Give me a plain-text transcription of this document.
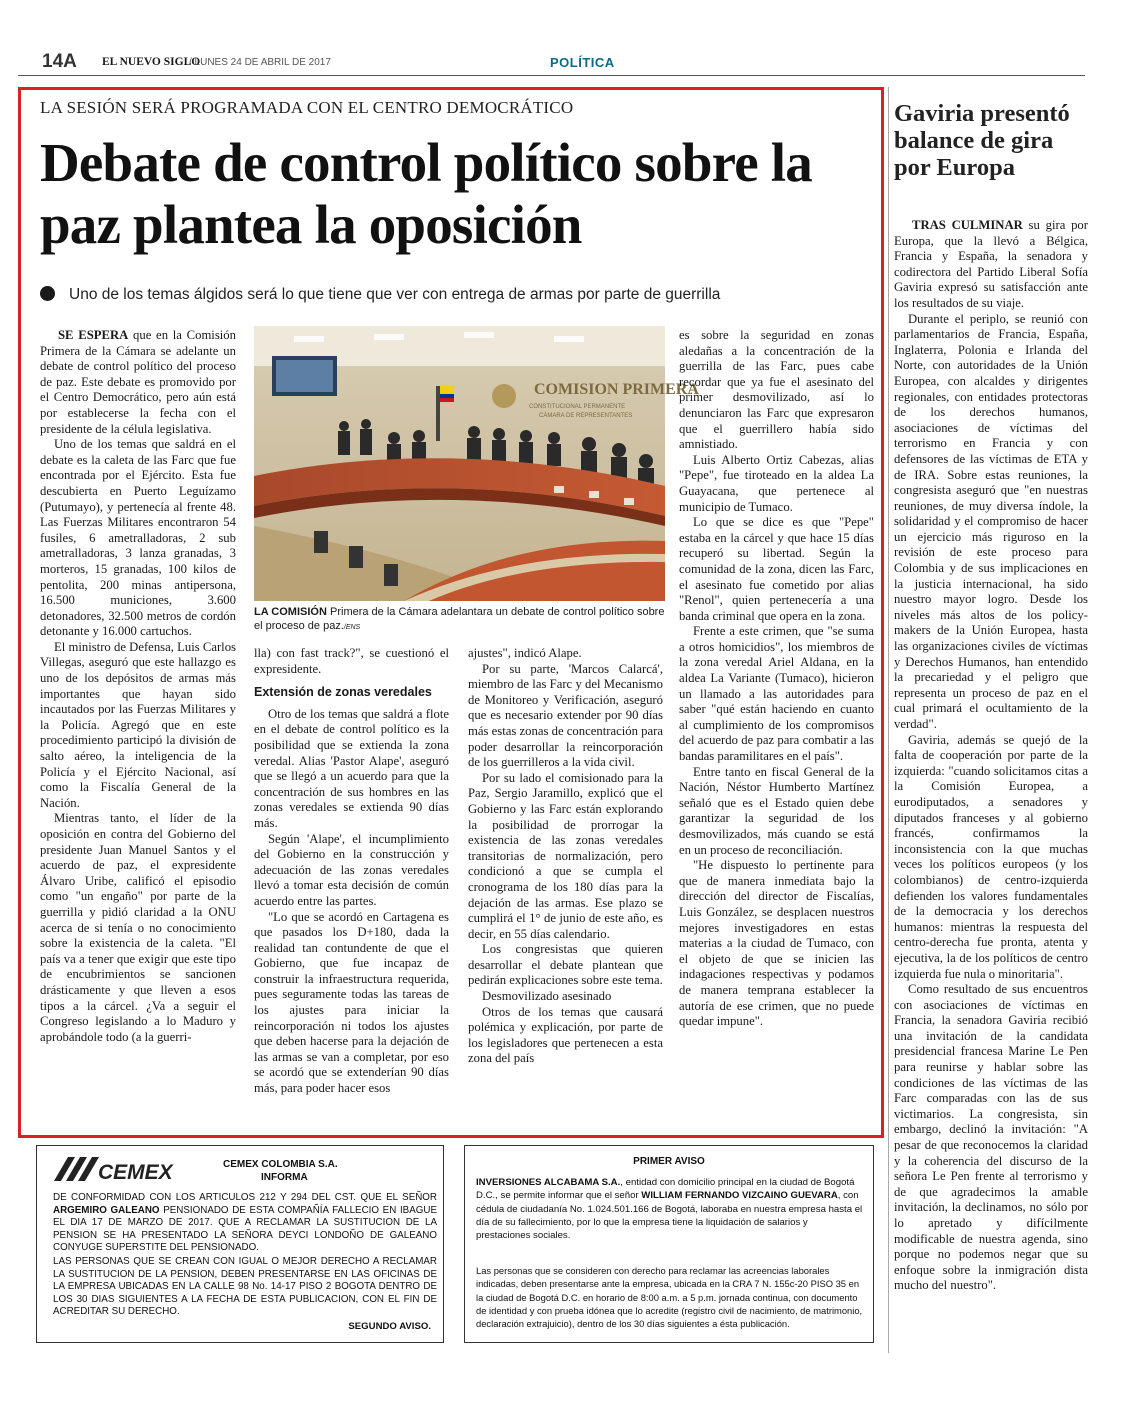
14A EL NUEVO SIGLO
/ LUNES 24 DE ABRIL DE 2017	POLÍTICA
LA SESIÓN SERÁ PROGRAMADA CON EL CENTRO DEMOCRÁTICO
Debate de control político sobre la paz plantea la oposición
Uno de los temas álgidos será lo que tiene que ver con entrega de armas por parte de guerrilla

SE ESPERA que en la Comisión Primera de la Cámara se adelante un debate de control político del proceso de paz. Este debate es promovido por el Centro Democrático, pero aún está por establecerse la fecha con el presidente de la célula legislativa.

Uno de los temas que saldrá en el debate es la caleta de las Farc que fue encontrada por el Ejército. Esta fue descubierta en Puerto Leguízamo (Putumayo), y pertenecía al frente 48. Las Fuerzas Militares encontraron 54 fusiles, 6 ametralladoras, 2 sub ametralladoras, 3 lanza granadas, 3 morteros, 15 granadas, 100 kilos de pentolita, 200 minas antipersona, 16.500 municiones, 3.600 detonadores, 32.500 metros de cordón detonante y 16.000 cartuchos.

El ministro de Defensa, Luis Carlos Villegas, aseguró que este hallazgo es uno de los depósitos de armas más importantes que hayan sido incautados por las Fuerzas Militares y la Policía. Agregó que en este procedimiento participó la división de salto aéreo, la inteligencia de la Policía y el Ejército Nacional, así como la Fiscalía General de la Nación.

Mientras tanto, el líder de la oposición en contra del Gobierno del presidente Juan Manuel Santos y el acuerdo de paz, el expresidente Álvaro Uribe, calificó el episodio como "un engaño" por parte de la guerrilla y pidió claridad a la ONU acerca de si tenía o no conocimiento sobre la existencia de la caleta. "El país va a tener que exigir que este tipo de encubrimientos se sancionen drásticamente y que lleven a esos tipos a la cárcel. ¿Va a seguir el Congreso legislando a lo Maduro y aprobándole todo (a la guerri-

COMISION PRIMERA
CONSTITUCIONAL PERMANENTE
CÁMARA DE REPRESENTANTES
LA COMISIÓN Primera de la Cámara adelantara un debate de control político sobre el proceso de paz./ENS

lla) con fast track?", se cuestionó el expresidente.

Extensión de zonas veredales

Otro de los temas que saldrá a flote en el debate de control político es la posibilidad que se extienda la zona veredal. Alias 'Pastor Alape', aseguró que se llegó a un acuerdo para que la concentración de sus hombres en las zonas veredales se extienda 90 días más.

Según 'Alape', el incumplimiento del Gobierno en la construcción y adecuación de las zonas veredales llevó a tomar esta decisión de común acuerdo entre las partes.

"Lo que se acordó en Cartagena es que pasados los D+180, dada la realidad tan contundente de que el Gobierno, que fue incapaz de construir la infraestructura requerida, pues seguramente todas las tareas de los ajustes para iniciar la reincorporación ni todos los ajustes que deben hacerse para la dejación de las armas se van a completar, por eso se acordó que se extenderían 90 días más, para poder hacer esos

ajustes", indicó Alape.

Por su parte, 'Marcos Calarcá', miembro de las Farc y del Mecanismo de Monitoreo y Verificación, aseguró que es necesario extender por 90 días más estas zonas de concentración para poder desarrollar la reincorporación de los guerrilleros a la vida civil.

Por su lado el comisionado para la Paz, Sergio Jaramillo, explicó que el Gobierno y las Farc están explorando la posibilidad de prorrogar la existencia de las zonas veredales transitorias de normalización, pero condicionó a que se cumpla el cronograma de los 180 días para la dejación de las armas. Ese plazo se cumplirá el 1° de junio de este año, es decir, en 55 días calendario.

Los congresistas que quieren desarrollar el debate plantean que pedirán explicaciones sobre este tema.

Desmovilizado asesinado

Otros de los temas que causará polémica y explicación, por parte de los legisladores que pertenecen a esta zona del país

es sobre la seguridad en zonas aledañas a la concentración de la guerrilla de las Farc, pues cabe recordar que ya fue el asesinato del primer desmovilizado, así lo denunciaron las Farc que expresaron que el guerrillero había sido amnistiado.

Luis Alberto Ortiz Cabezas, alias "Pepe", fue tiroteado en la aldea La Guayacana, que pertenece al municipio de Tumaco.

Lo que se dice es que "Pepe" estaba en la cárcel y que hace 15 días recuperó su libertad. Según la comunidad de la zona, dicen las Farc, el asesinato fue cometido por alias "Renol", quien pertenecería a una banda criminal que opera en la zona.

Frente a este crimen, que "se suma a otros homicidios", los miembros de la zona veredal Ariel Aldana, en la aldea La Variante (Tumaco), hicieron un llamado a las autoridades para saber "qué están haciendo en cuanto al cumplimiento de los compromisos del acuerdo de paz para combatir a las bandas paramilitares en el país".

Entre tanto en fiscal General de la Nación, Néstor Humberto Martínez señaló que es el Estado quien debe garantizar la seguridad de los desmovilizados, más cuando se está en un proceso de reconciliación.

"He dispuesto lo pertinente para que de manera inmediata bajo la dirección del director de Fiscalías, Luis González, se desplacen nuestros mejores investigadores en estas materias a la ciudad de Tumaco, con el objeto de que se inicien las indagaciones respectivas y podamos de manera temprana establecer la autoría de ese crimen, que no puede quedar impune".

Gaviria presentó balance de gira por Europa

TRAS CULMINAR su gira por Europa, que la llevó a Bélgica, Francia y España, la senadora y codirectora del Partido Liberal Sofía Gaviria expresó su satisfacción ante los resultados de su viaje.

Durante el periplo, se reunió con parlamentarios de Francia, España, Inglaterra, Polonia e Irlanda del Norte, con autoridades de la Unión Europea, con alcaldes y dirigentes regionales, con entidades protectoras de los derechos humanos, asociaciones de víctimas del terrorismo en Francia y con defensores de las víctimas de ETA y de IRA. Sobre estas reuniones, la congresista aseguró que "en nuestras reuniones, de muy diversa índole, la solidaridad y el compromiso de hacer un ejercicio más riguroso en la revisión de este proceso para Colombia y de sus implicaciones en la justicia internacional, ha sido nuestro mayor logro. Desde los niveles más altos de los policy-makers de la Unión Europea, hasta las organizaciones civiles de víctimas y Derechos Humanos, han entendido la precariedad y el peligro que representa un proceso de paz en el cual primará el ocultamiento de la verdad".

Gaviria, además se quejó de la falta de cooperación por parte de la izquierda: "cuando solicitamos citas a la Comisión Europea, a eurodiputados, a senadores y diputados franceses y al gobierno francés, confirmamos la inconsistencia con la que muchas veces los políticos europeos (y los colombianos) de centro-izquierda defienden los valores fundamentales de la democracia y los derechos humanos: mientras la respuesta del centro-derecha fue pronta, atenta y ejecutiva, la de los políticos de centro izquierda fue nula o minoritaria".

Como resultado de sus encuentros con asociaciones de víctimas en Francia, la senadora Gaviria recibió una invitación de la candidata presidencial francesa Marine Le Pen para reunirse y hablar sobre las condiciones de las víctimas de las Farc comparadas con las de sus victimarios. La congresista, sin embargo, declinó la invitación: "A pesar de que reconocemos la claridad y la coherencia del discurso de la señora Le Pen frente al terrorismo y de que agradecimos la amable invitación, la declinamos, no sólo por lo apretado y difícilmente modificable de nuestra agenda, sino porque no podemos negar que su enfoque sobre la inmigración dista mucho del nuestro".

CEMEX	CEMEX COLOMBIA S.A.
INFORMA
DE CONFORMIDAD CON LOS ARTICULOS 212 Y 294 DEL CST. QUE EL SEÑOR ARGEMIRO GALEANO PENSIONADO DE ESTA COMPAÑÍA FALLECIO EN IBAGUE EL DIA 17 DE MARZO DE 2017. QUE A RECLAMAR LA SUSTITUCION DE LA PENSION SE HA PRESENTADO LA SEÑORA DEYCI LONDOÑO DE GALEANO CONYUGE SUPERSTITE DEL PENSIONADO.
LAS PERSONAS QUE SE CREAN CON IGUAL O MEJOR DERECHO A RECLAMAR LA SUSTITUCION DE LA PENSION, DEBEN PRESENTARSE EN LAS OFICINAS DE LA EMPRESA UBICADAS EN LA CALLE 98 No. 14-17 PISO 2 BOGOTA DENTRO DE LOS 30 DIAS SIGUIENTES A LA FECHA DE ESTA PUBLICACION, CON EL FIN DE ACREDITAR SU DERECHO.
SEGUNDO AVISO.
PRIMER AVISO
INVERSIONES ALCABAMA S.A., entidad con domicilio principal en la ciudad de Bogotá D.C., se permite informar que el señor WILLIAM FERNANDO VIZCAINO GUEVARA, con cédula de ciudadanía No. 1.024.501.166 de Bogotá, laboraba en nuestra empresa hasta el día de su fallecimiento, por lo que la empresa tiene la liquidación de salarios y prestaciones sociales.
Las personas que se consideren con derecho para reclamar las acreencias laborales indicadas, deben presentarse ante la empresa, ubicada en la CRA 7 N. 155c-20 PISO 35 en la ciudad de Bogotá D.C. en horario de 8:00 a.m. a 5 p.m. jornada continua, con documento de identidad y con prueba idónea que lo acredite (registro civil de nacimiento, de matrimonio, declaración extrajuicio), dentro de los 30 días siguientes a ésta publicación.
